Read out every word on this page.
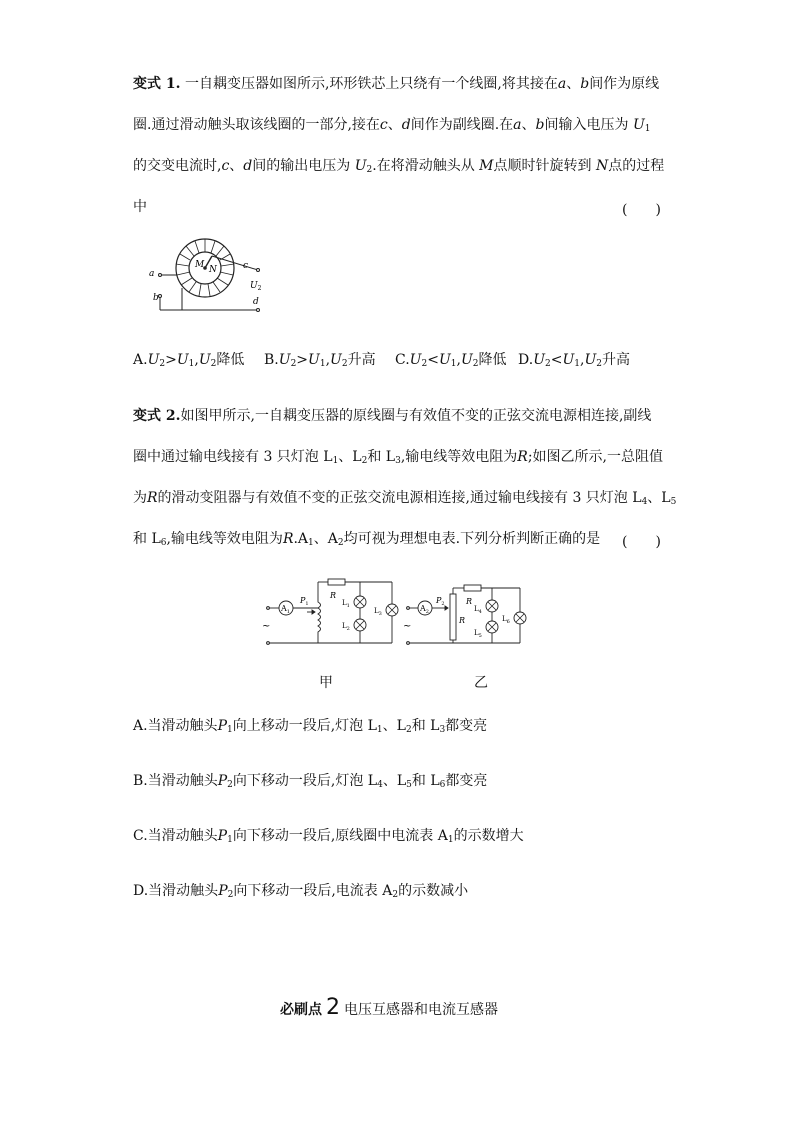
变式 1. 一自耦变压器如图所示,环形铁芯上只绕有一个线圈,将其接在a、b间作为原线
圈.通过滑动触头取该线圈的一部分,接在c、d间作为副线圈.在a、b间输入电压为 $U_1$
的交变电流时,c、d间的输出电压为 $U_2$.在将滑动触头从 M点顺时针旋转到 N点的过程
中	(　　)
M N
a
b
c
d
$U_2$
$A.U_2>U_1,U_2$降低 $B.U_2>U_1,U_2$升高 $C.U_2<U_1,U_2$降低 $D.U_2<U_1,U_2$升高
变式 2.如图甲所示,一自耦变压器的原线圈与有效值不变的正弦交流电源相连接,副线
圈中通过输电线接有 3 只灯泡 $L_1$、$L_2$和 $L_3$,输电线等效电阻为R;如图乙所示,一总阻值
为R的滑动变阻器与有效值不变的正弦交流电源相连接,通过输电线接有 3 只灯泡 $L_4$、$L_5$
和 $L_6$,输电线等效电阻为$R.A_1$、$A_2$均可视为理想电表.下列分析判断正确的是 (　　)
$A_1$
~
$P_1$
R
$L_1$
$L_2$
$L_3$
$A_2$
~
$P_2$
R
R
$L_4$
$L_5$
$L_6$
甲	乙
A.当滑动触头$P_1$向上移动一段后,灯泡 $L_1$、$L_2$和 $L_3$都变亮
B.当滑动触头$P_2$向下移动一段后,灯泡 $L_4$、$L_5$和 $L_6$都变亮
C.当滑动触头$P_1$向下移动一段后,原线圈中电流表 $A_1$的示数增大
D.当滑动触头$P_2$向下移动一段后,电流表 $A_2$的示数减小
必刷点 2 电压互感器和电流互感器
